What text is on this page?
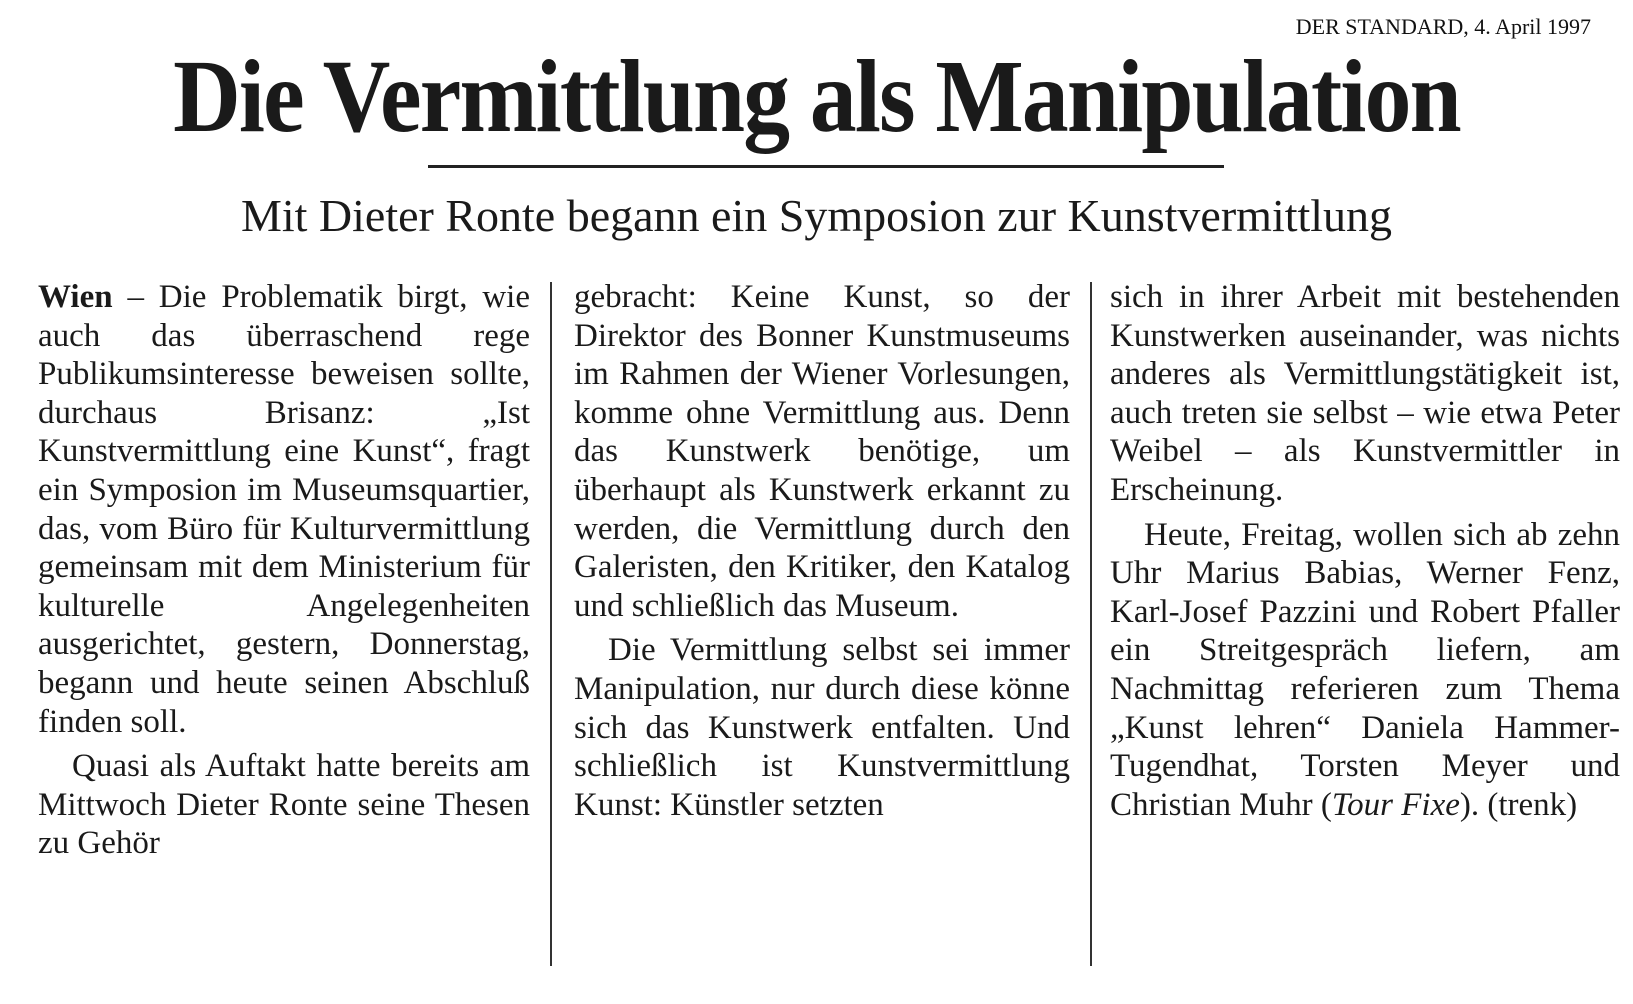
DER STANDARD, 4. April 1997
Die Vermittlung als Manipulation
Mit Dieter Ronte begann ein Symposion zur Kunstvermittlung

Wien – Die Problematik birgt, wie auch das überraschend rege Publikumsinteresse beweisen sollte, durchaus Brisanz: „Ist Kunstvermittlung eine Kunst“, fragt ein Symposion im Museumsquartier, das, vom Büro für Kulturvermittlung gemeinsam mit dem Ministerium für kulturelle Angelegenheiten ausgerichtet, gestern, Donnerstag, begann und heute seinen Abschluß finden soll.

Quasi als Auftakt hatte bereits am Mittwoch Dieter Ronte seine Thesen zu Gehör

gebracht: Keine Kunst, so der Direktor des Bonner Kunstmuseums im Rahmen der Wiener Vorlesungen, komme ohne Vermittlung aus. Denn das Kunstwerk benötige, um überhaupt als Kunstwerk erkannt zu werden, die Vermittlung durch den Galeristen, den Kritiker, den Katalog und schließlich das Museum.

Die Vermittlung selbst sei immer Manipulation, nur durch diese könne sich das Kunstwerk entfalten. Und schließlich ist Kunstvermittlung Kunst: Künstler setzten

sich in ihrer Arbeit mit bestehenden Kunstwerken auseinander, was nichts anderes als Vermittlungstätigkeit ist, auch treten sie selbst – wie etwa Peter Weibel – als Kunstvermittler in Erscheinung.

Heute, Freitag, wollen sich ab zehn Uhr Marius Babias, Werner Fenz, Karl-Josef Pazzini und Robert Pfaller ein Streitgespräch liefern, am Nachmittag referieren zum Thema „Kunst lehren“ Daniela Hammer-Tugendhat, Torsten Meyer und Christian Muhr (Tour Fixe). (trenk)
